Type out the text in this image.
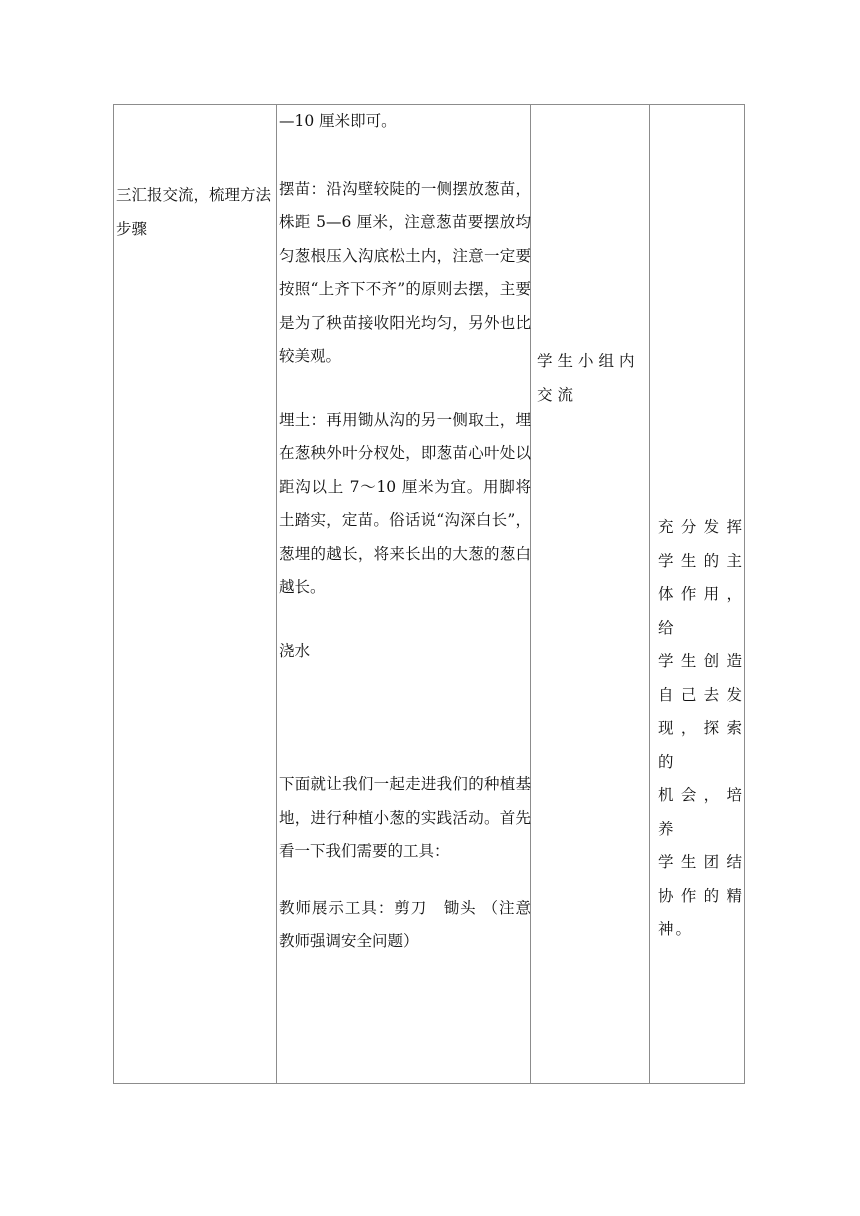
三汇报交流，梳理方法步骤

—10 厘米即可。

摆苗：沿沟壁较陡的一侧摆放葱苗，株距 5—6 厘米，注意葱苗要摆放均匀葱根压入沟底松土内，注意一定要按照“上齐下不齐”的原则去摆，主要是为了秧苗接收阳光均匀，另外也比较美观。

埋土：再用锄从沟的另一侧取土，埋在葱秧外叶分杈处，即葱苗心叶处以距沟以上 7～10 厘米为宜。用脚将土踏实，定苗。俗话说“沟深白长”，葱埋的越长，将来长出的大葱的葱白越长。

浇水

下面就让我们一起走进我们的种植基地，进行种植小葱的实践活动。首先看一下我们需要的工具：

教师展示工具：剪刀　锄头 （注意教师强调安全问题）

学生小组内交流
充分发挥
学生的主
体作用，给
学生创造
自己去发
现，探索的
机会，培养
学生团结
协作的精
神。
